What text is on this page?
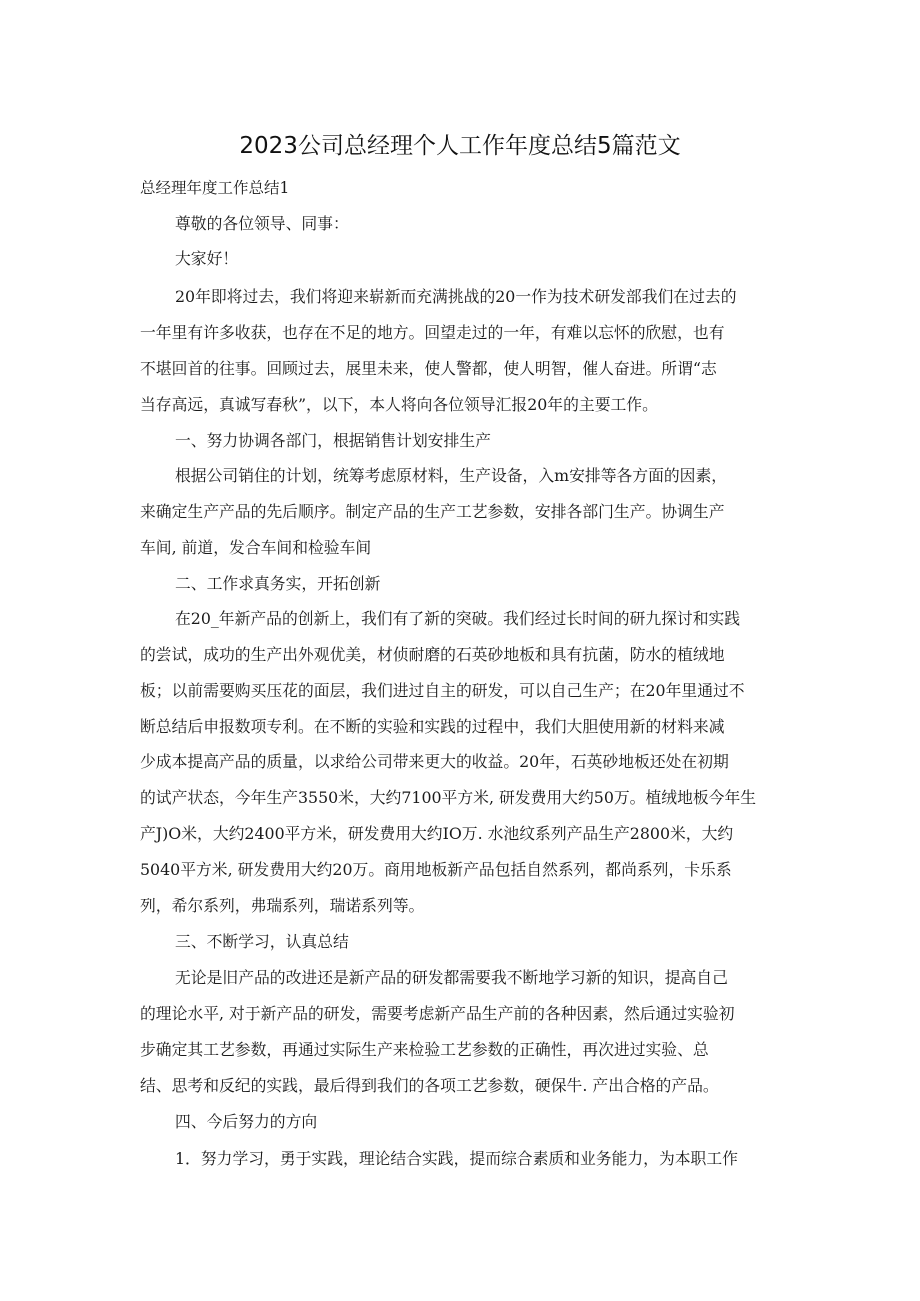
2023公司总经理个人工作年度总结5篇范文
总经理年度工作总结1
尊敬的各位领导、同事：
大家好！
20年即将过去，我们将迎来崭新而充满挑战的20一作为技术研发部我们在过去的
一年里有许多收获，也存在不足的地方。回望走过的一年，有难以忘怀的欣慰，也有
不堪回首的往事。回顾过去，展里未来，使人警都，使人明智，催人奋进。所谓“志
当存高远，真诚写春秋”，以下，本人将向各位领导汇报20年的主要工作。
一、努力协调各部门，根据销售计划安排生产
根据公司销住的计划，统筹考虑原材料，生产设备，入m安排等各方面的因素，
来确定生产产品的先后顺序。制定产品的生产工艺参数，安排各部门生产。协调生产
车间, 前道，发合车间和检验车间
二、工作求真务实，开拓创新
在20_年新产品的创新上，我们有了新的突破。我们经过长时间的研九探讨和实践
的尝试，成功的生产出外观优美，材侦耐磨的石英砂地板和具有抗菌，防水的植绒地
板；以前需要购买压花的面层，我们进过自主的研发，可以自己生产；在20年里通过不
断总结后申报数项专利。在不断的实验和实践的过程中，我们大胆使用新的材料来减
少成本提高产品的质量，以求给公司带来更大的收益。20年，石英砂地板还处在初期
的试产状态，今年生产3550米，大约7100平方米, 研发费用大约50万。植绒地板今年生
产J)O米，大约2400平方米，研发费用大约IO万. 水池纹系列产品生产2800米，大约
5040平方米, 研发费用大约20万。商用地板新产品包括自然系列，都尚系列，卡乐系
列，希尔系列，弗瑞系列，瑞诺系列等。
三、不断学习，认真总结
无论是旧产品的改进还是新产品的研发都需要我不断地学习新的知识，提高自己
的理论水平, 对于新产品的研发，需要考虑新产品生产前的各种因素，然后通过实验初
步确定其工艺参数，再通过实际生产来检验工艺参数的正确性，再次进过实验、总
结、思考和反纪的实践，最后得到我们的各项工艺参数，硬保牛. 产出合格的产品。
四、今后努力的方向
1．努力学习，勇于实践，理论结合实践，提而综合素质和业务能力，为本职工作
